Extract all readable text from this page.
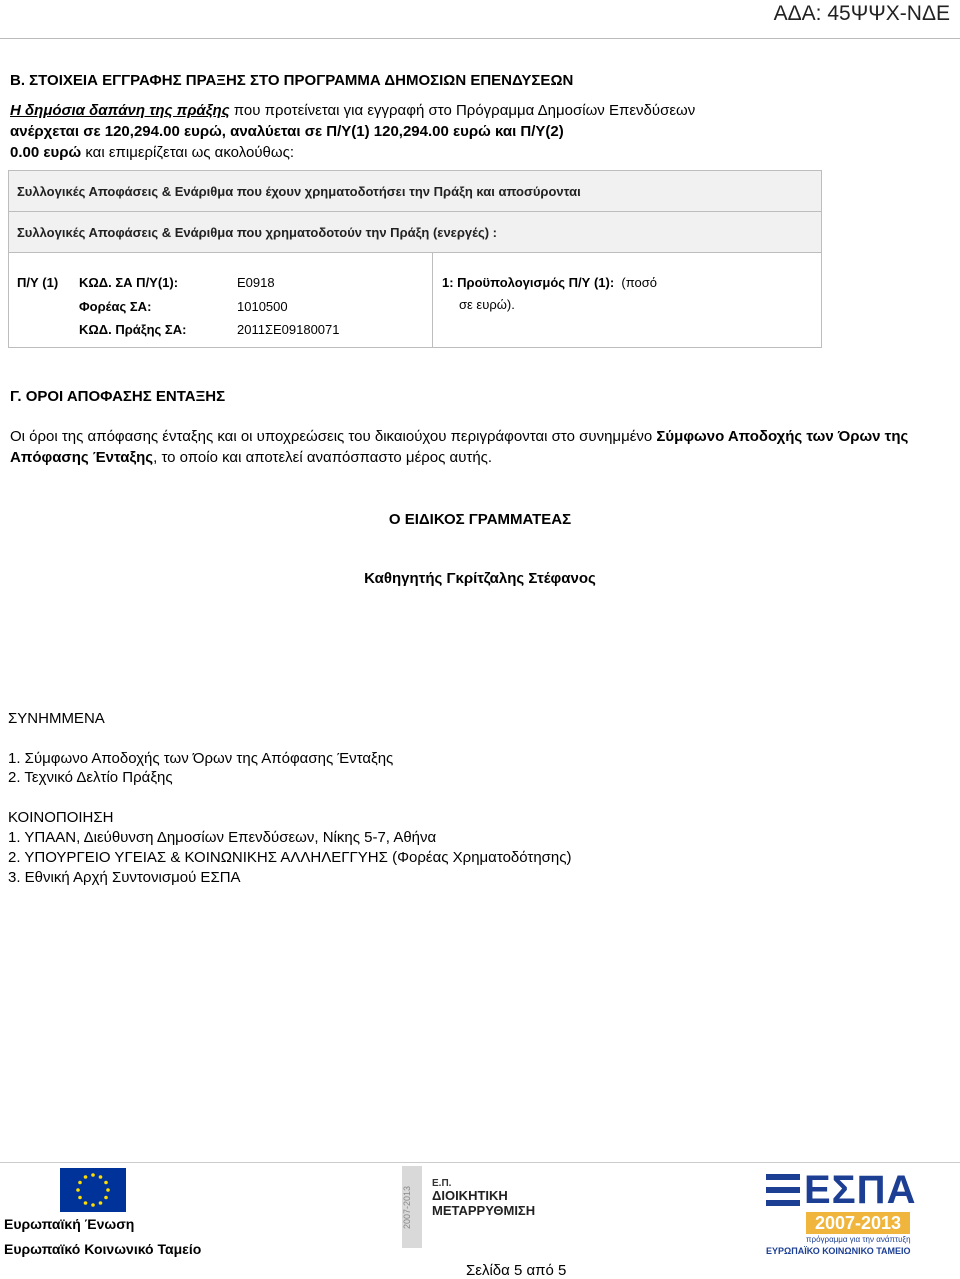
ΑΔΑ: 45ΨΨΧ-ΝΔΕ
Β. ΣΤΟΙΧΕΙΑ ΕΓΓΡΑΦΗΣ ΠΡΑΞΗΣ ΣΤΟ ΠΡΟΓΡΑΜΜΑ ΔΗΜΟΣΙΩΝ ΕΠΕΝΔΥΣΕΩΝ
Η δημόσια δαπάνη της πράξης που προτείνεται για εγγραφή στο Πρόγραμμα Δημοσίων Επενδύσεων
ανέρχεται σε 120,294.00 ευρώ, αναλύεται σε Π/Υ(1) 120,294.00 ευρώ και Π/Υ(2)
0.00 ευρώ και επιμερίζεται ως ακολούθως:
Συλλογικές Αποφάσεις & Ενάριθμα που έχουν χρηματοδοτήσει την Πράξη και αποσύρονται
Συλλογικές Αποφάσεις & Ενάριθμα που χρηματοδοτούν την Πράξη (ενεργές) :
Π/Υ (1) ΚΩΔ. ΣΑ Π/Υ(1):	Ε0918
Φορέας ΣΑ:	1010500
ΚΩΔ. Πράξης ΣΑ:	2011ΣΕ09180071
1: Προϋπολογισμός Π/Υ (1): (ποσό
σε ευρώ).
Γ. ΟΡΟΙ ΑΠΟΦΑΣΗΣ ΕΝΤΑΞΗΣ
Οι όροι της απόφασης ένταξης και οι υποχρεώσεις του δικαιούχου περιγράφονται στο συνημμένο Σύμφωνο Αποδοχής των Όρων της Απόφασης Ένταξης, το οποίο και αποτελεί αναπόσπαστο μέρος αυτής.
Ο ΕΙΔΙΚΟΣ ΓΡΑΜΜΑΤΕΑΣ
Καθηγητής Γκρίτζαλης Στέφανος
ΣΥΝΗΜΜΕΝΑ
1. Σύμφωνο Αποδοχής των Όρων της Απόφασης Ένταξης
2. Τεχνικό Δελτίο Πράξης
ΚΟΙΝΟΠΟΙΗΣΗ
1. ΥΠΑΑΝ, Διεύθυνση Δημοσίων Επενδύσεων, Νίκης 5-7, Αθήνα
2. ΥΠΟΥΡΓΕΙΟ ΥΓΕΙΑΣ & ΚΟΙΝΩΝΙΚΗΣ ΑΛΛΗΛΕΓΓΥΗΣ (Φορέας Χρηματοδότησης)
3. Εθνική Αρχή Συντονισμού ΕΣΠΑ
Ευρωπαϊκή Ένωση
Ευρωπαϊκό Κοινωνικό Ταμείο
2007-2013
Ε.Π.
ΔΙΟΙΚΗΤΙΚΗ
ΜΕΤΑΡΡΥΘΜΙΣΗ	ΕΣΠΑ
2007-2013
πρόγραμμα για την ανάπτυξη
ΕΥΡΩΠΑΪΚΟ ΚΟΙΝΩΝΙΚΟ ΤΑΜΕΙΟ
Σελίδα 5 από 5
